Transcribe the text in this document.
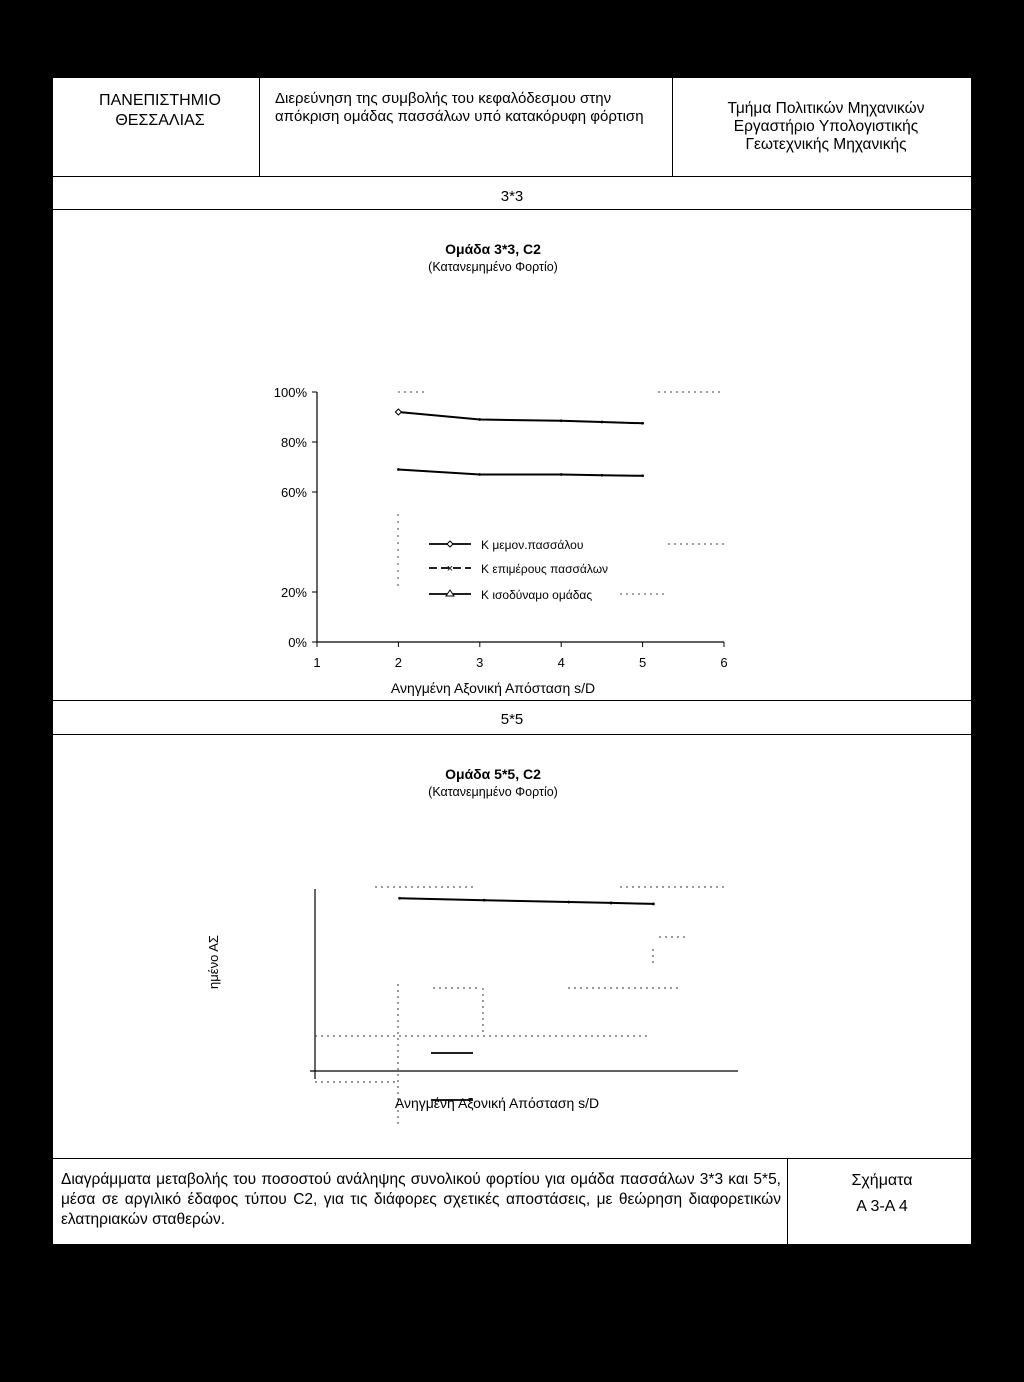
ΠΑΝΕΠΙΣΤΗΜΙΟ ΘΕΣΣΑΛΙΑΣ
Διερεύνηση της συμβολής του κεφαλόδεσμου στην απόκριση ομάδας πασσάλων υπό κατακόρυφη φόρτιση	Τμήμα Πολιτικών Μηχανικών
Εργαστήριο Υπολογιστικής
Γεωτεχνικής Μηχανικής
3*3
5*5
Διαγράμματα μεταβολής του ποσοστού ανάληψης συνολικού φορτίου για ομάδα πασσάλων 3*3 και 5*5, μέσα σε αργιλικό έδαφος τύπου C2, για τις διάφορες σχετικές αποστάσεις, με θεώρηση διαφορετικών ελατηριακών σταθερών.
Σχήματα
Α 3-Α 4
Ομάδα 3*3, C2
(Κατανεμημένο Φορτίο)
100%
80%
60%
20%
0%
1	2	3	4	5	6
Κ μεμον.πασσάλου
× Κ επιμέρους πασσάλων
Κ ισοδύναμο ομάδας
Ανηγμένη Αξονική Απόσταση s/D
Ομάδα 5*5, C2
(Κατανεμημένο Φορτίο)
ημένο ΑΣ
Ανηγμένη Αξονική Απόσταση s/D
